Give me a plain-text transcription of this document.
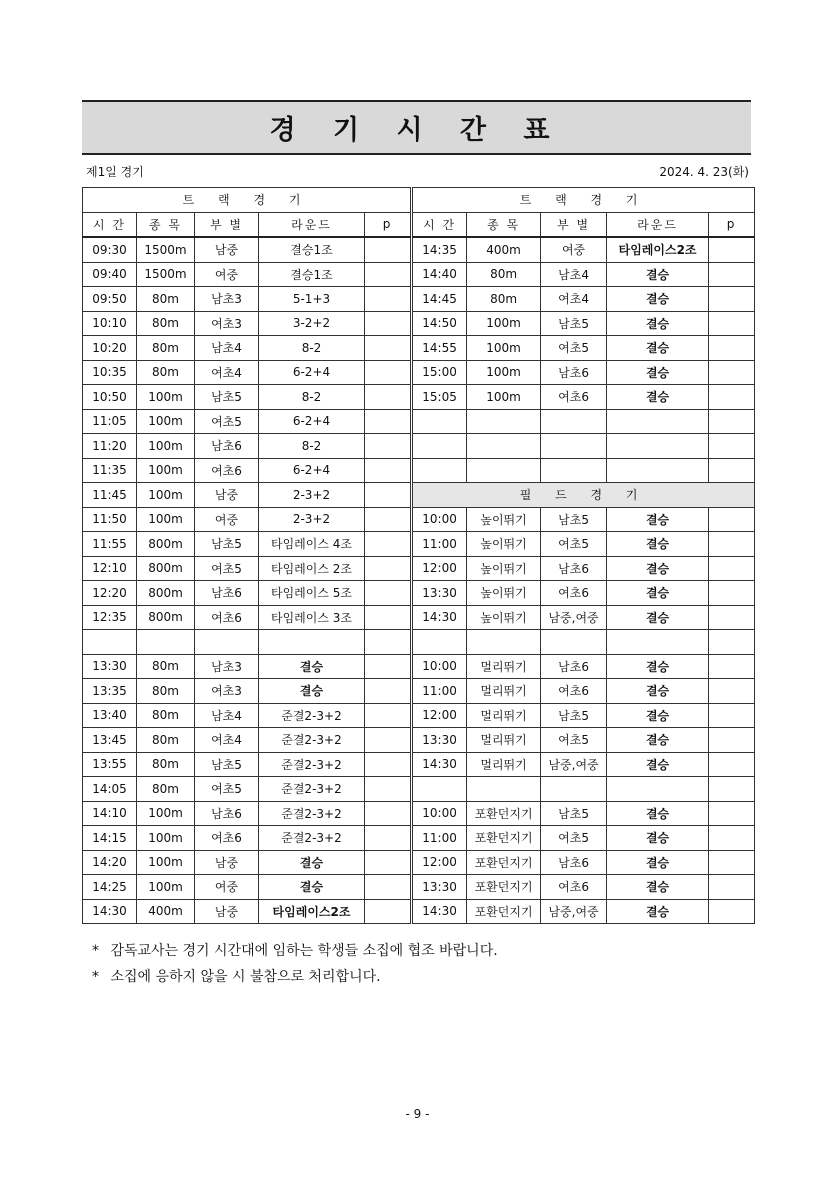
경 기 시 간 표
제1일 경기	2024. 4. 23(화)
트 랙 경 기						트 랙 경 기				
시 간	종 목	부 별	라운드	p		시 간	종 목	부 별	라운드	p
09:30	1500m	남중	결승1조			14:35	400m	여중	타임레이스2조	
09:40	1500m	여중	결승1조			14:40	80m	남초4	결승	
09:50	80m	남초3	5-1+3			14:45	80m	여초4	결승	
10:10	80m	여초3	3-2+2			14:50	100m	남초5	결승	
10:20	80m	남초4	8-2			14:55	100m	여초5	결승	
10:35	80m	여초4	6-2+4			15:00	100m	남초6	결승	
10:50	100m	남초5	8-2			15:05	100m	여초6	결승	
11:05	100m	여초5	6-2+4							
11:20	100m	남초6	8-2							
11:35	100m	여초6	6-2+4							
11:45	100m	남중	2-3+2			필 드 경 기				
11:50	100m	여중	2-3+2			10:00	높이뛰기	남초5	결승	
11:55	800m	남초5	타임레이스 4조			11:00	높이뛰기	여초5	결승	
12:10	800m	여초5	타임레이스 2조			12:00	높이뛰기	남초6	결승	
12:20	800m	남초6	타임레이스 5조			13:30	높이뛰기	여초6	결승	
12:35	800m	여초6	타임레이스 3조			14:30	높이뛰기	남중,여중	결승	

13:30	80m	남초3	결승			10:00	멀리뛰기	남초6	결승	
13:35	80m	여초3	결승			11:00	멀리뛰기	여초6	결승	
13:40	80m	남초4	준결2-3+2			12:00	멀리뛰기	남초5	결승	
13:45	80m	여초4	준결2-3+2			13:30	멀리뛰기	여초5	결승	
13:55	80m	남초5	준결2-3+2			14:30	멀리뛰기	남중,여중	결승	
14:05	80m	여초5	준결2-3+2							
14:10	100m	남초6	준결2-3+2			10:00	포환던지기	남초5	결승	
14:15	100m	여초6	준결2-3+2			11:00	포환던지기	여초5	결승	
14:20	100m	남중	결승			12:00	포환던지기	남초6	결승	
14:25	100m	여중	결승			13:30	포환던지기	여초6	결승	
14:30	400m	남중	타임레이스2조			14:30	포환던지기	남중,여중	결승	
* 감독교사는 경기 시간대에 임하는 학생들 소집에 협조 바랍니다.
* 소집에 응하지 않을 시 불참으로 처리합니다.
- 9 -
